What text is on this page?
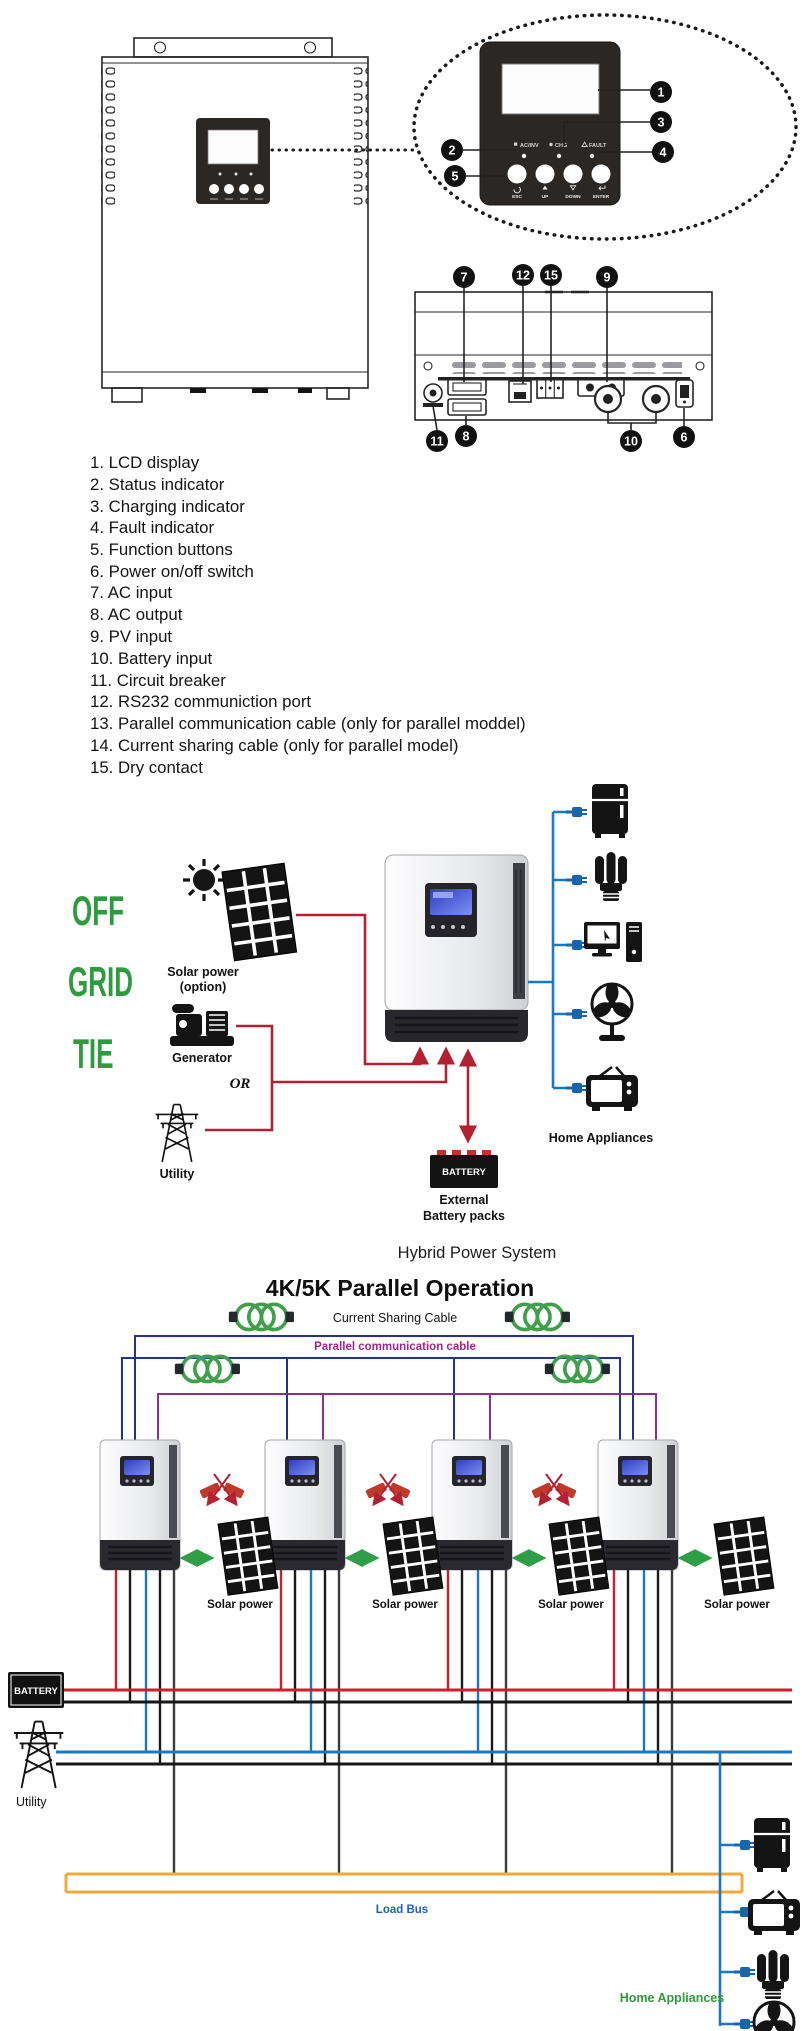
AC/INV	CHG	FAULT
ESC	UP	DOWN	ENTER
1
3
4
2
5
7	12 15	9
11 8	10	6
1. LCD display
2. Status indicator
3. Charging indicator
4. Fault indicator
5. Function buttons
6. Power on/off switch
7. AC input
8. AC output
9. PV input
10. Battery input
11. Circuit breaker
12. RS232 communiction port
13. Parallel communication cable (only for parallel moddel)
14. Current sharing cable (only for parallel model)
15. Dry contact
OFF
GRID
TIE
Solar power
(option)
Generator
OR
Utility	BATTERY
External
Battery packs
Home Appliances
Hybrid Power System
4K/5K Parallel Operation
Current Sharing Cable
Parallel communication cable
Solar power	Solar power	Solar power	Solar power
Load Bus
BATTERY
Utility
Home Appliances
